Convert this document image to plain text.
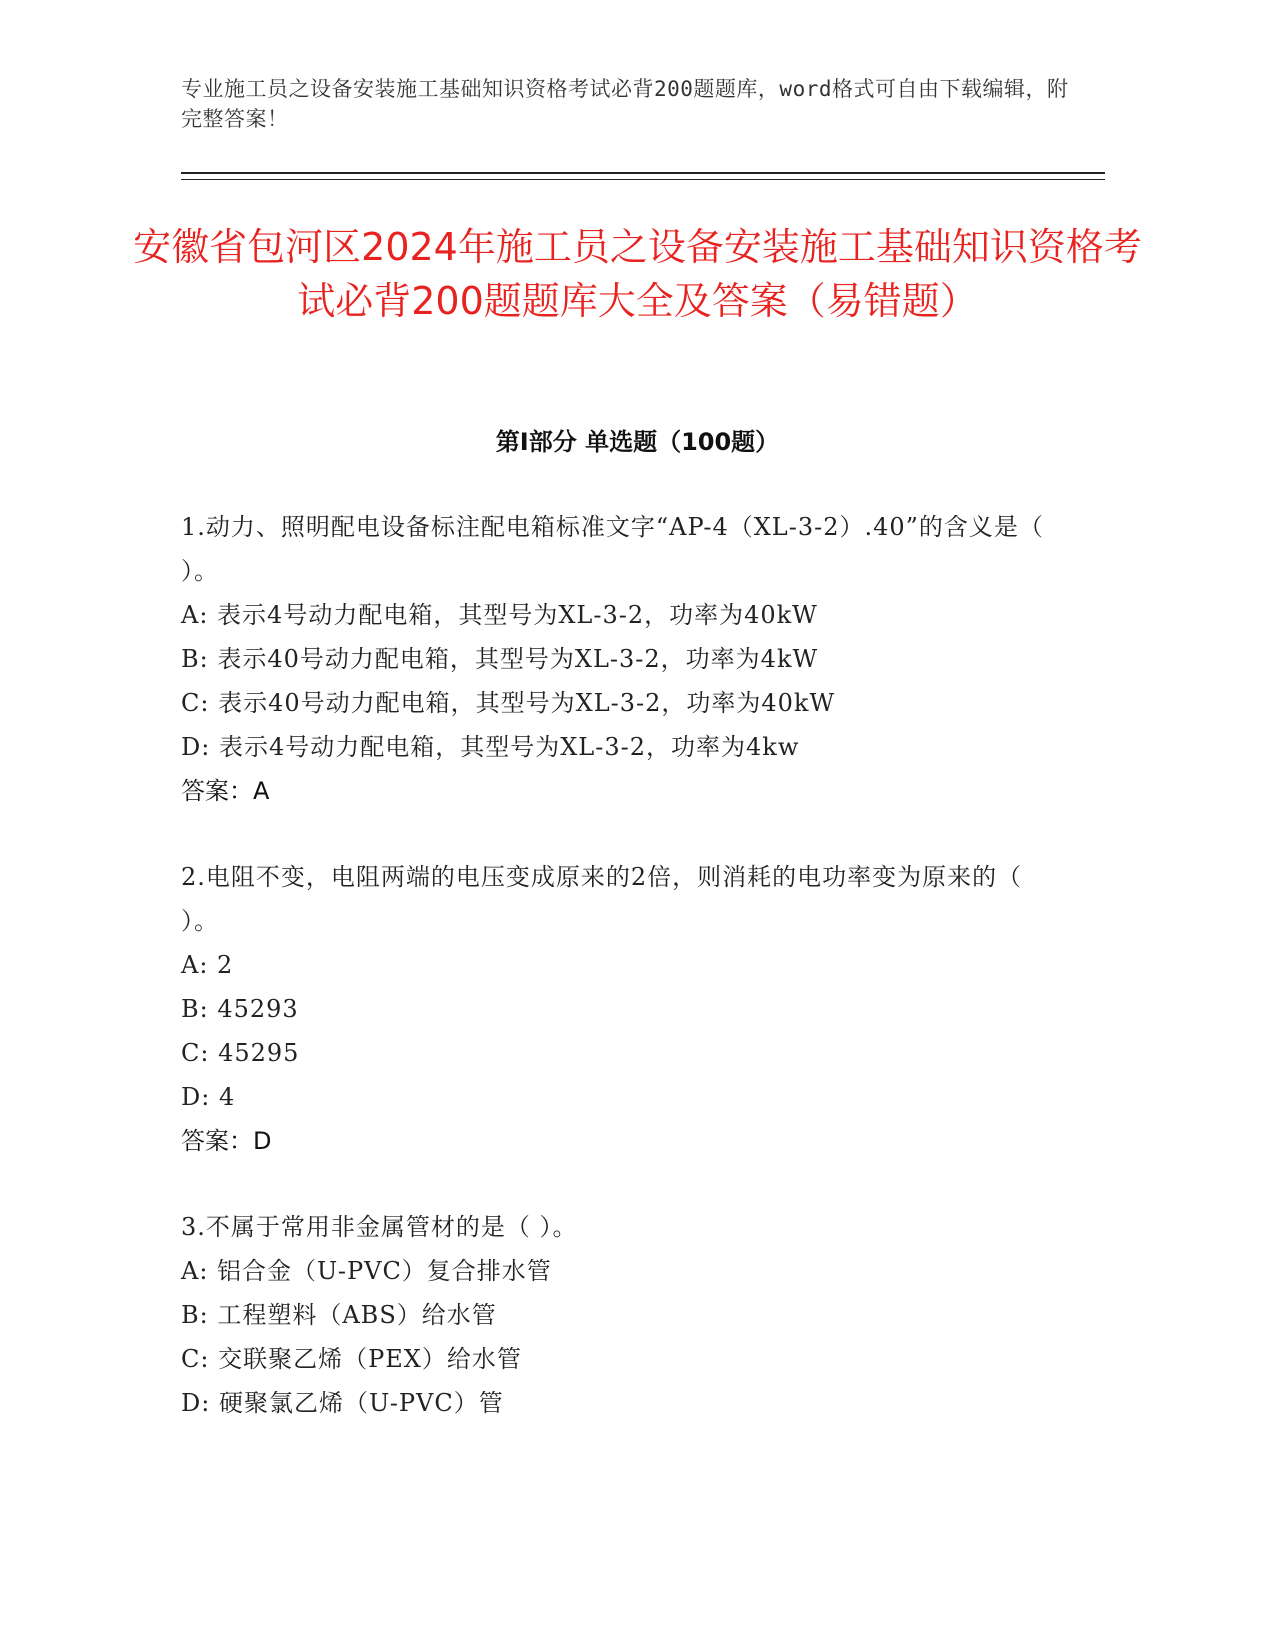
专业施工员之设备安装施工基础知识资格考试必背200题题库，word格式可自由下载编辑，附完整答案！
安徽省包河区2024年施工员之设备安装施工基础知识资格考试必背200题题库大全及答案（易错题）
第I部分 单选题（100题）
1.动力、照明配电设备标注配电箱标准文字“AP-4（XL-3-2）.40”的含义是（ ）。
A: 表示4号动力配电箱，其型号为XL-3-2，功率为40kW
B: 表示40号动力配电箱，其型号为XL-3-2，功率为4kW
C: 表示40号动力配电箱，其型号为XL-3-2，功率为40kW
D: 表示4号动力配电箱，其型号为XL-3-2，功率为4kw
答案：A
2.电阻不变，电阻两端的电压变成原来的2倍，则消耗的电功率变为原来的（ ）。
A: 2
B: 45293
C: 45295
D: 4
答案：D
3.不属于常用非金属管材的是（ ）。
A: 铝合金（U-PVC）复合排水管
B: 工程塑料（ABS）给水管
C: 交联聚乙烯（PEX）给水管
D: 硬聚氯乙烯（U-PVC）管
